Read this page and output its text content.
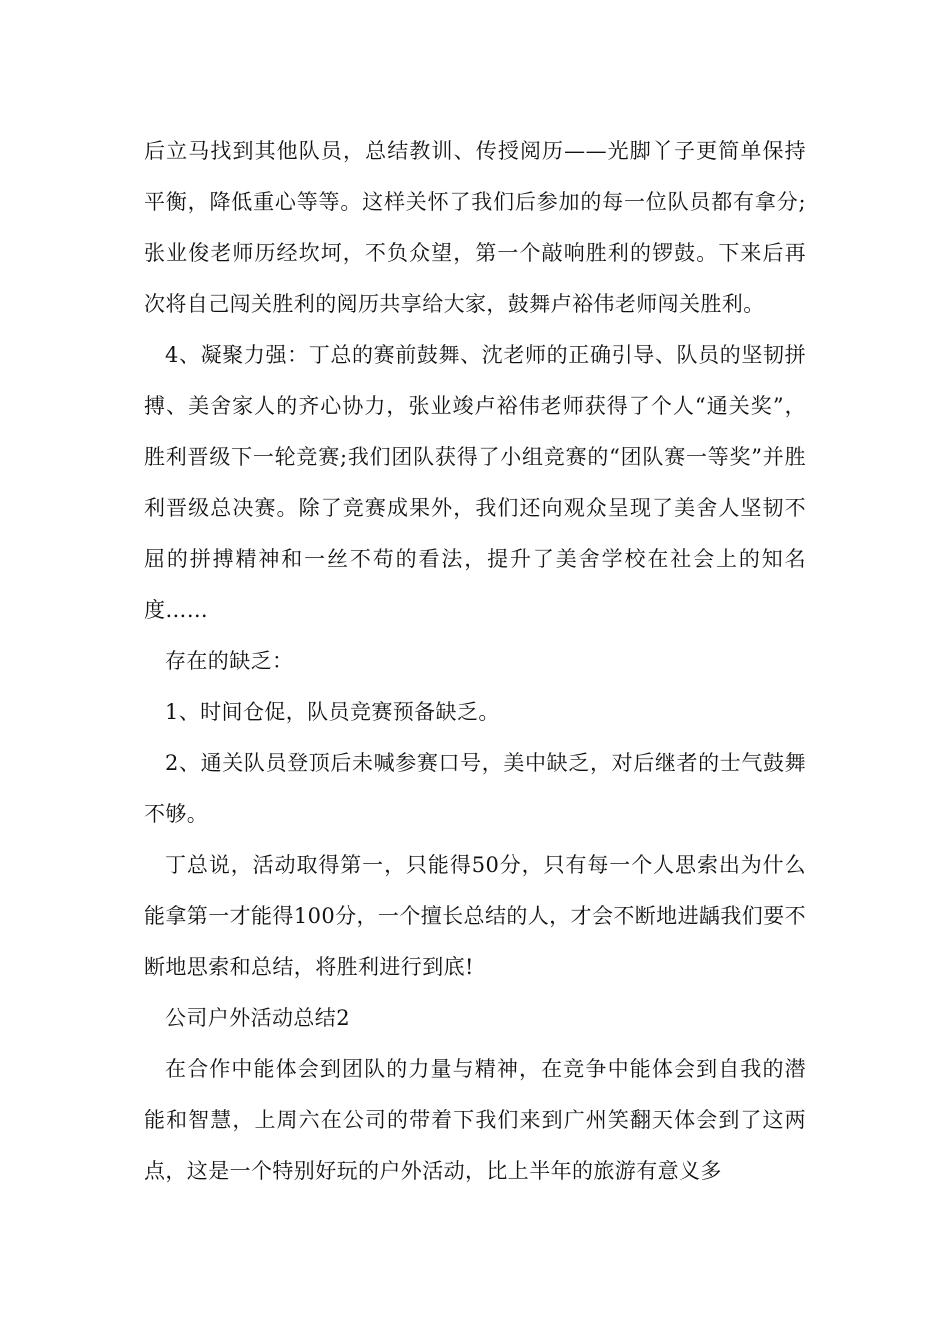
后立马找到其他队员，总结教训、传授阅历——光脚丫子更简单保持平衡，降低重心等等。这样关怀了我们后参加的每一位队员都有拿分;张业俊老师历经坎坷，不负众望，第一个敲响胜利的锣鼓。下来后再次将自己闯关胜利的阅历共享给大家，鼓舞卢裕伟老师闯关胜利。

4、凝聚力强：丁总的赛前鼓舞、沈老师的正确引导、队员的坚韧拼搏、美舍家人的齐心协力，张业竣卢裕伟老师获得了个人“通关奖”，胜利晋级下一轮竞赛;我们团队获得了小组竞赛的“团队赛一等奖”并胜利晋级总决赛。除了竞赛成果外，我们还向观众呈现了美舍人坚韧不屈的拼搏精神和一丝不苟的看法，提升了美舍学校在社会上的知名度……

存在的缺乏：

1、时间仓促，队员竞赛预备缺乏。

2、通关队员登顶后未喊参赛口号，美中缺乏，对后继者的士气鼓舞不够。

丁总说，活动取得第一，只能得50分，只有每一个人思索出为什么能拿第一才能得100分，一个擅长总结的人，才会不断地进龋我们要不断地思索和总结，将胜利进行到底!

公司户外活动总结2

在合作中能体会到团队的力量与精神，在竞争中能体会到自我的潜能和智慧，上周六在公司的带着下我们来到广州笑翻天体会到了这两点，这是一个特别好玩的户外活动，比上半年的旅游有意义多
